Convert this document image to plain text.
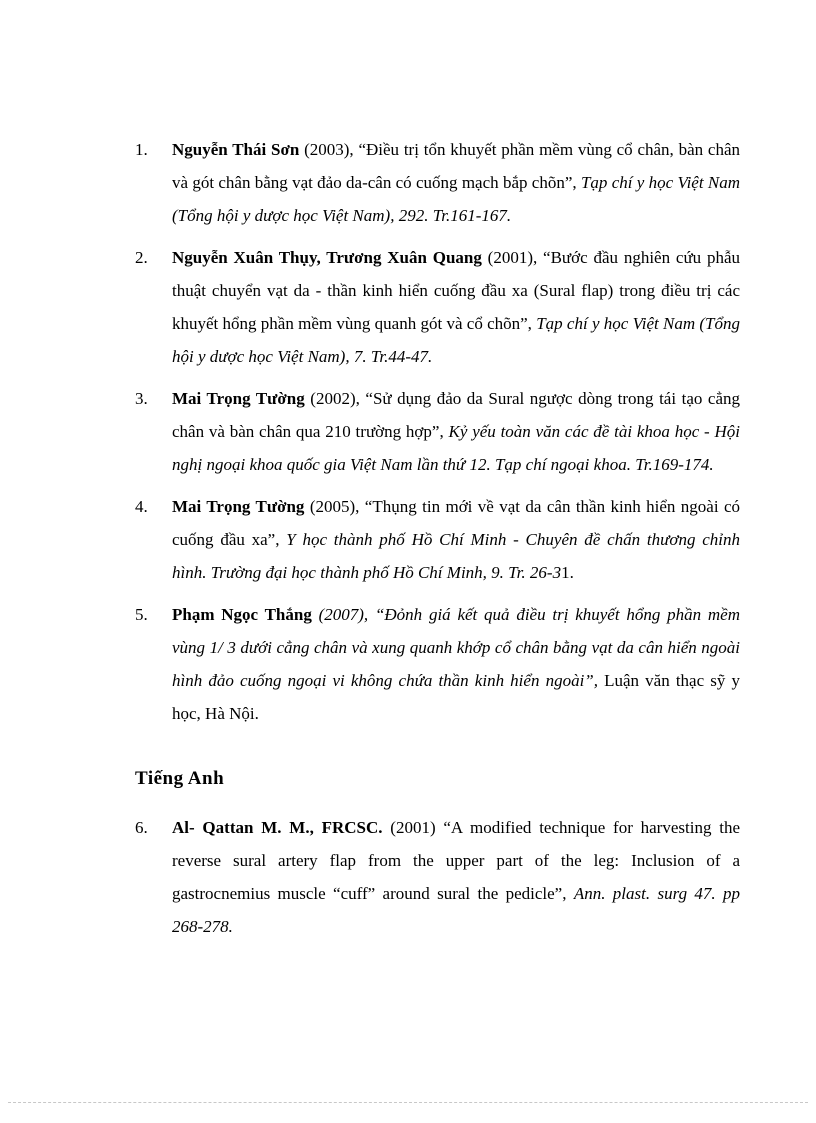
1. Nguyễn Thái Sơn (2003), “Điều trị tổn khuyết phần mềm vùng cổ chân, bàn chân và gót chân bằng vạt đảo da-cân có cuống mạch bắp chõn”, Tạp chí y học Việt Nam (Tổng hội y dược học Việt Nam), 292. Tr.161-167.

2. Nguyễn Xuân Thụy, Trương Xuân Quang (2001), “Bước đầu nghiên cứu phẫu thuật chuyển vạt da - thần kinh hiển cuống đầu xa (Sural flap) trong điều trị các khuyết hổng phần mềm vùng quanh gót và cổ chõn”, Tạp chí y học Việt Nam (Tổng hội y dược học Việt Nam), 7. Tr.44-47.

3. Mai Trọng Tường (2002), “Sử dụng đảo da Sural ngược dòng trong tái tạo cẳng chân và bàn chân qua 210 trường hợp”, Kỷ yếu toàn văn các đề tài khoa học - Hội nghị ngoại khoa quốc gia Việt Nam lần thứ 12. Tạp chí ngoại khoa. Tr.169-174.

4. Mai Trọng Tường (2005), “Thụng tin mới về vạt da cân thần kinh hiển ngoài có cuống đầu xa”, Y học thành phố Hồ Chí Minh - Chuyên đề chấn thương chỉnh hình. Trường đại học thành phố Hồ Chí Minh, 9. Tr. 26-31.

5. Phạm Ngọc Thắng (2007), “Đỏnh giá kết quả điều trị khuyết hổng phần mềm vùng 1/ 3 dưới cẳng chân và xung quanh khớp cổ chân bằng vạt da cân hiển ngoài hình đảo cuống ngoại vi không chứa thần kinh hiển ngoài”, Luận văn thạc sỹ y học, Hà Nội.

Tiếng Anh
6. Al- Qattan M. M., FRCSC. (2001) “A modified technique for harvesting the reverse sural artery flap from the upper part of the leg: Inclusion of a gastrocnemius muscle “cuff” around sural the pedicle”, Ann. plast. surg 47. pp 268-278.
